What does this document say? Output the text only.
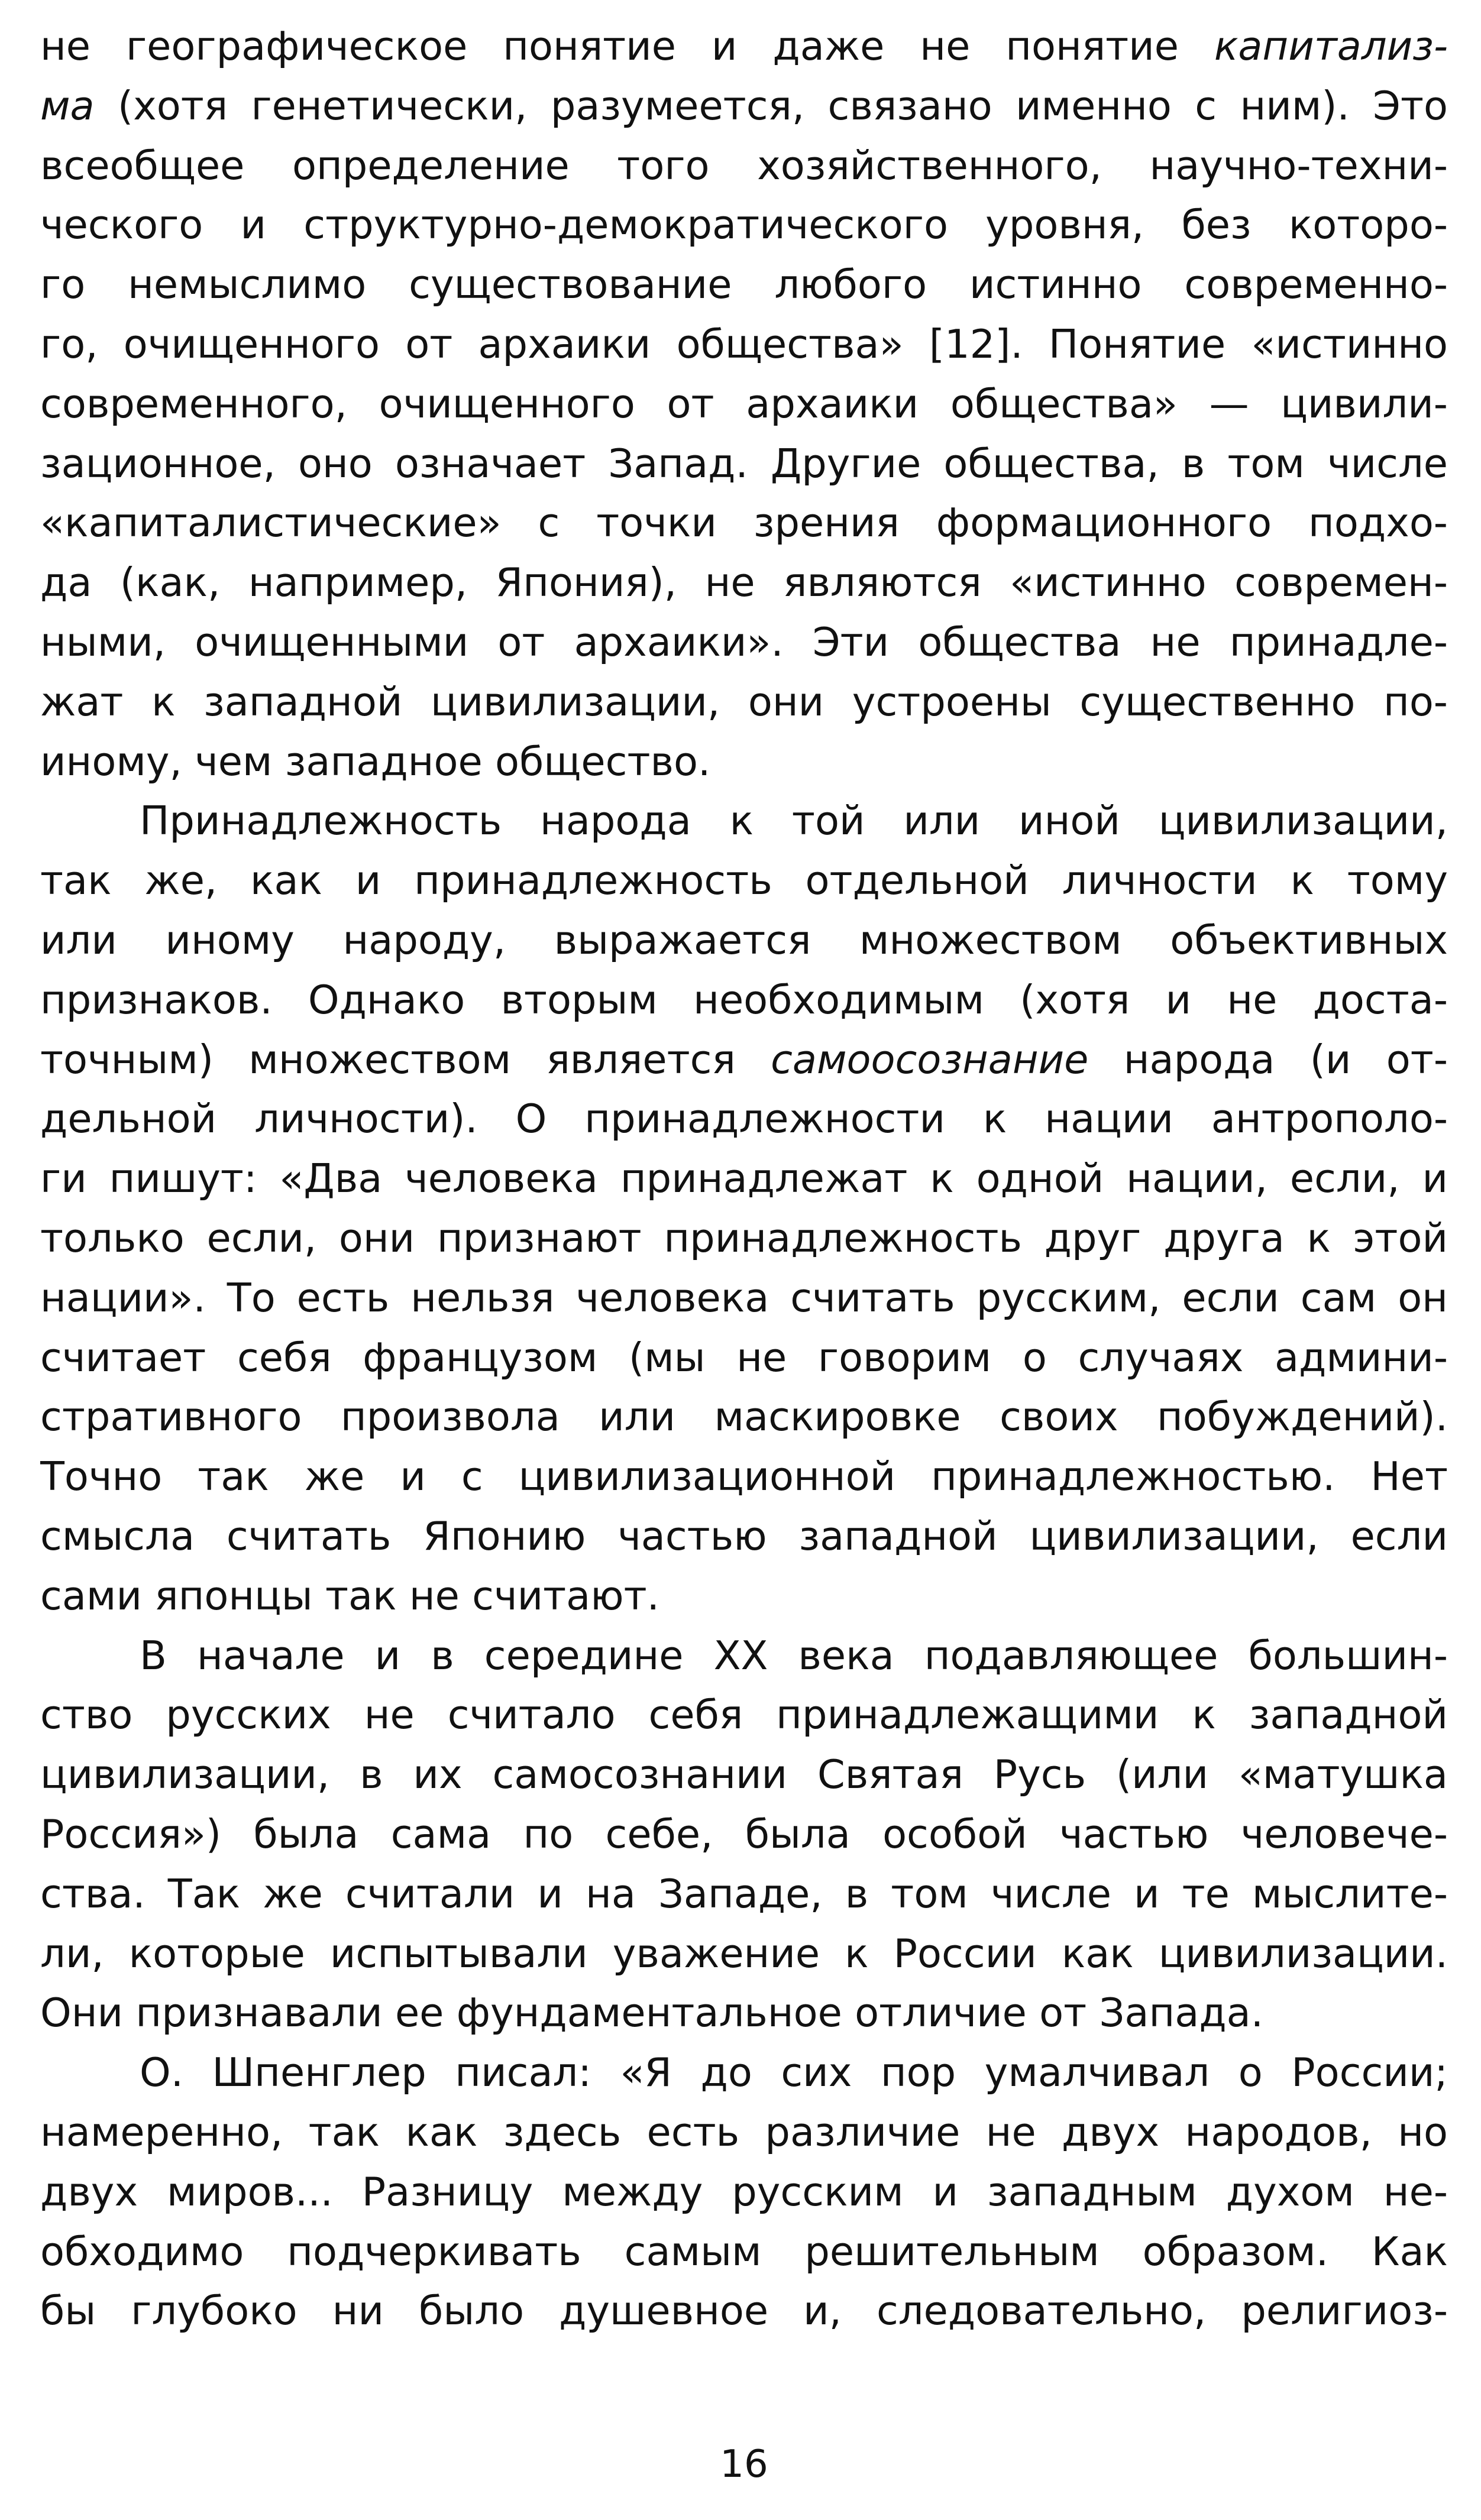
не географическое понятие и даже не понятие капитализ-
ма (хотя генетически, разумеется, связано именно с ним). Это
всеобщее определение того хозяйственного, научно-техни-
ческого и структурно-демократического уровня, без которо-
го немыслимо существование любого истинно современно-
го, очищенного от архаики общества» [12]. Понятие «истинно
современного, очищенного от архаики общества» — цивили-
зационное, оно означает Запад. Другие общества, в том числе
«капиталистические» с точки зрения формационного подхо-
да (как, например, Япония), не являются «истинно современ-
ными, очищенными от архаики». Эти общества не принадле-
жат к западной цивилизации, они устроены существенно по-
иному, чем западное общество.
Принадлежность народа к той или иной цивилизации,
так же, как и принадлежность отдельной личности к тому
или иному народу, выражается множеством объективных
признаков. Однако вторым необходимым (хотя и не доста-
точным) множеством является самоосознание народа (и от-
дельной личности). О принадлежности к нации антрополо-
ги пишут: «Два человека принадлежат к одной нации, если, и
только если, они признают принадлежность друг друга к этой
нации». То есть нельзя человека считать русским, если сам он
считает себя французом (мы не говорим о случаях админи-
стративного произвола или маскировке своих побуждений).
Точно так же и с цивилизационной принадлежностью. Нет
смысла считать Японию частью западной цивилизации, если
сами японцы так не считают.
В начале и в середине XX века подавляющее большин-
ство русских не считало себя принадлежащими к западной
цивилизации, в их самосознании Святая Русь (или «матушка
Россия») была сама по себе, была особой частью человече-
ства. Так же считали и на Западе, в том числе и те мыслите-
ли, которые испытывали уважение к России как цивилизации.
Они признавали ее фундаментальное отличие от Запада.
О. Шпенглер писал: «Я до сих пор умалчивал о России;
намеренно, так как здесь есть различие не двух народов, но
двух миров... Разницу между русским и западным духом не-
обходимо подчеркивать самым решительным образом. Как
бы глубоко ни было душевное и, следовательно, религиоз-
16
